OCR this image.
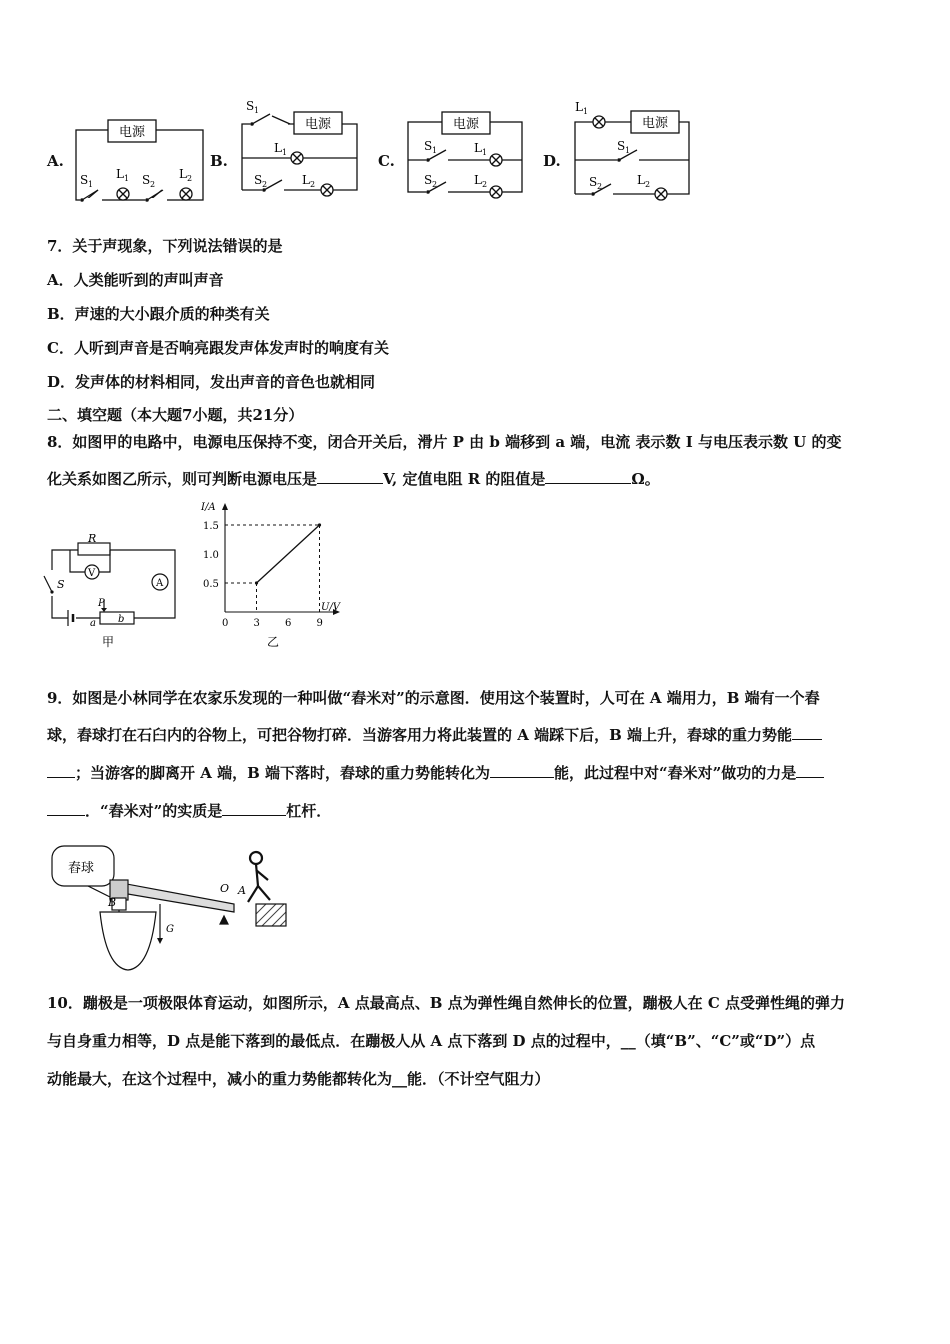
A.
电源
S 1
L 1 S 2
L 2
B.
电源
S 1
L 1
S 2	L 2
C.
电源
S 1	L 1
S 2	L 2
D.
电源
L 1
S 1
S 2	L 2
7．关于声现象，下列说法错误的是
A．人类能听到的声叫声音
B．声速的大小跟介质的种类有关
C．人听到声音是否响亮跟发声体发声时的响度有关
D．发声体的材料相同，发出声音的音色也就相同
二、填空题（本大题7小题，共21分）
8．如图甲的电路中，电源电压保持不变，闭合开关后，滑片 P 由 b 端移到 a 端，电流 表示数 I 与电压表示数 U 的变
化关系如图乙所示，则可判断电源电压是	V, 定值电阻 R 的阻值是	Ω。
R
V
A
S
P
a b
甲
0	3	6	9
0.5
1.0
1.5
I/A
U/V
乙
9．如图是小林同学在农家乐发现的一种叫做“舂米对”的示意图．使用这个装置时，人可在 A 端用力，B 端有一个舂
球，舂球打在石臼内的谷物上，可把谷物打碎．当游客用力将此装置的 A 端踩下后，B 端上升，舂球的重力势能
；当游客的脚离开 A 端，B 端下落时，舂球的重力势能转化为	能，此过程中对“舂米对”做功的力是
．“舂米对”的实质是	杠杆．
舂球
B
O A
G
10．蹦极是一项极限体育运动，如图所示，A 点最高点、B 点为弹性绳自然伸长的位置，蹦极人在 C 点受弹性绳的弹力
与自身重力相等，D 点是能下落到的最低点．在蹦极人从 A 点下落到 D 点的过程中，__（填“B”、“C”或“D”）点
动能最大，在这个过程中，减小的重力势能都转化为__能．（不计空气阻力）
